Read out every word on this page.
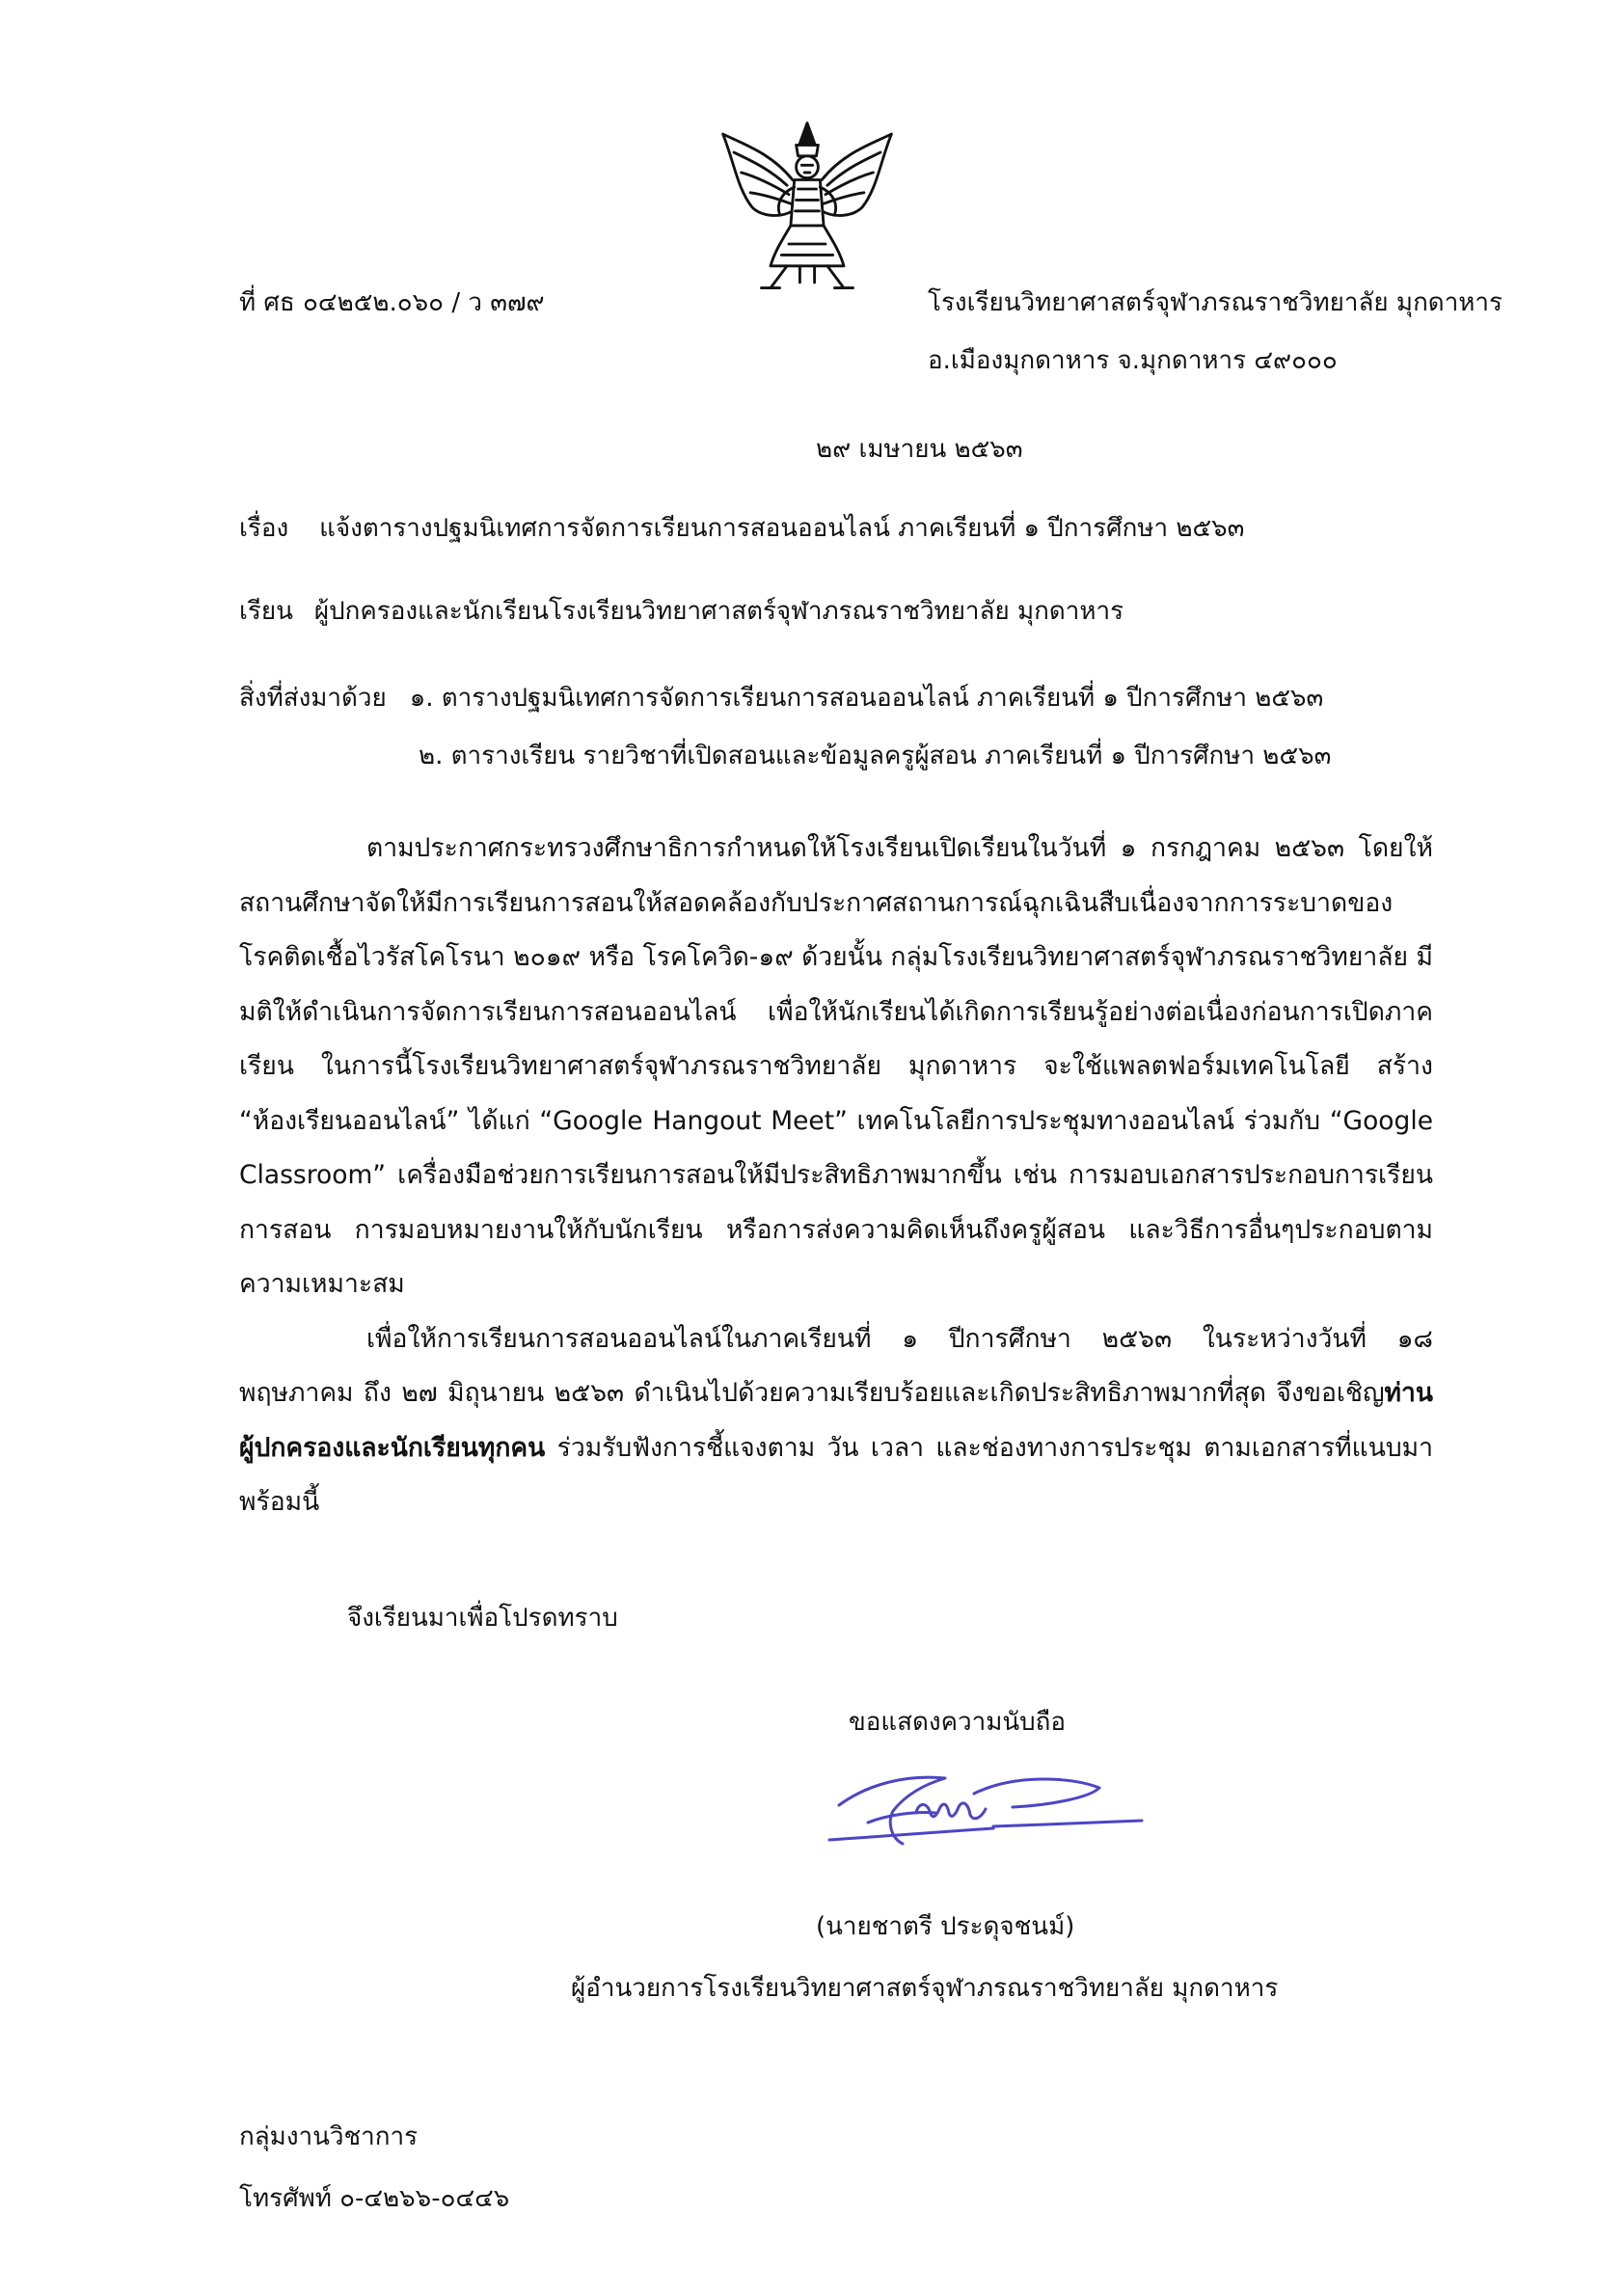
ที่ ศธ ๐๔๒๕๒.๐๖๐ / ว ๓๗๙	โรงเรียนวิทยาศาสตร์จุฬาภรณราชวิทยาลัย มุกดาหาร
อ.เมืองมุกดาหาร จ.มุกดาหาร ๔๙๐๐๐
๒๙ เมษายน ๒๕๖๓
เรื่อง แจ้งตารางปฐมนิเทศการจัดการเรียนการสอนออนไลน์ ภาคเรียนที่ ๑ ปีการศึกษา ๒๕๖๓
เรียน ผู้ปกครองและนักเรียนโรงเรียนวิทยาศาสตร์จุฬาภรณราชวิทยาลัย มุกดาหาร
สิ่งที่ส่งมาด้วย ๑. ตารางปฐมนิเทศการจัดการเรียนการสอนออนไลน์ ภาคเรียนที่ ๑ ปีการศึกษา ๒๕๖๓
๒. ตารางเรียน รายวิชาที่เปิดสอนและข้อมูลครูผู้สอน ภาคเรียนที่ ๑ ปีการศึกษา ๒๕๖๓

ตามประกาศกระทรวงศึกษาธิการกำหนดให้โรงเรียนเปิดเรียนในวันที่ ๑ กรกฎาคม ๒๕๖๓ โดยให้สถานศึกษาจัดให้มีการเรียนการสอนให้สอดคล้องกับประกาศสถานการณ์ฉุกเฉินสืบเนื่องจากการระบาดของโรคติดเชื้อไวรัสโคโรนา ๒๐๑๙ หรือ โรคโควิด-๑๙ ด้วยนั้น กลุ่มโรงเรียนวิทยาศาสตร์จุฬาภรณราชวิทยาลัย มีมติให้ดำเนินการจัดการเรียนการสอนออนไลน์ เพื่อให้นักเรียนได้เกิดการเรียนรู้อย่างต่อเนื่องก่อนการเปิดภาคเรียน ในการนี้โรงเรียนวิทยาศาสตร์จุฬาภรณราชวิทยาลัย มุกดาหาร จะใช้แพลตฟอร์มเทคโนโลยี สร้าง “ห้องเรียนออนไลน์” ได้แก่ “Google Hangout Meet” เทคโนโลยีการประชุมทางออนไลน์ ร่วมกับ “Google Classroom” เครื่องมือช่วยการเรียนการสอนให้มีประสิทธิภาพมากขึ้น เช่น การมอบเอกสารประกอบการเรียนการสอน การมอบหมายงานให้กับนักเรียน หรือการส่งความคิดเห็นถึงครูผู้สอน และวิธีการอื่นๆประกอบตามความเหมาะสม

เพื่อให้การเรียนการสอนออนไลน์ในภาคเรียนที่ ๑ ปีการศึกษา ๒๕๖๓ ในระหว่างวันที่ ๑๘ พฤษภาคม ถึง ๒๗ มิถุนายน ๒๕๖๓ ดำเนินไปด้วยความเรียบร้อยและเกิดประสิทธิภาพมากที่สุด จึงขอเชิญท่านผู้ปกครองและนักเรียนทุกคน ร่วมรับฟังการชี้แจงตาม วัน เวลา และช่องทางการประชุม ตามเอกสารที่แนบมาพร้อมนี้

จึงเรียนมาเพื่อโปรดทราบ
ขอแสดงความนับถือ
(นายชาตรี ประดุจชนม์)
ผู้อำนวยการโรงเรียนวิทยาศาสตร์จุฬาภรณราชวิทยาลัย มุกดาหาร
กลุ่มงานวิชาการ
โทรศัพท์ ๐-๔๒๖๖-๐๔๔๖
